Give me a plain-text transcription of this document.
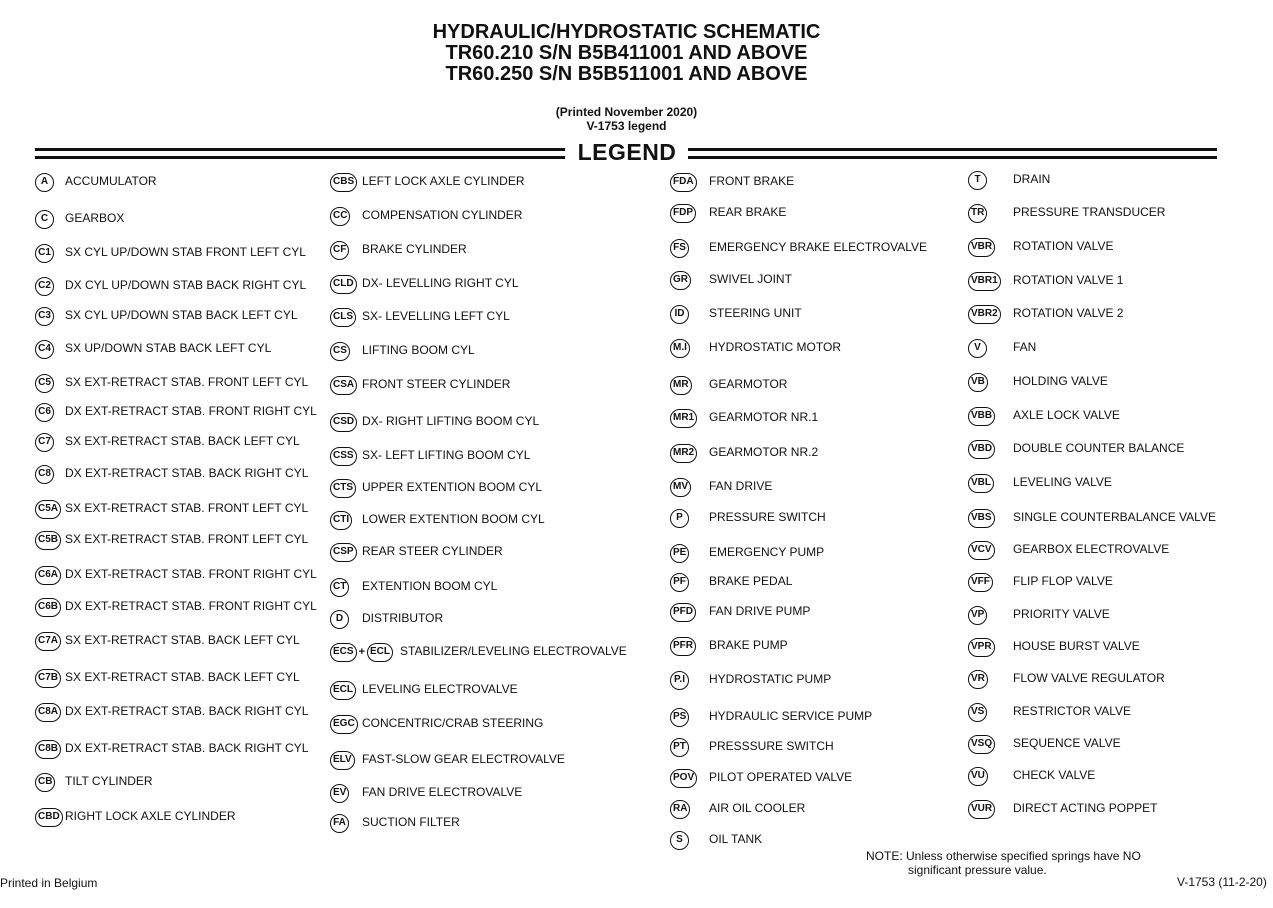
HYDRAULIC/HYDROSTATIC SCHEMATIC
TR60.210 S/N B5B411001 AND ABOVE
TR60.250 S/N B5B511001 AND ABOVE
(Printed November 2020)
V-1753 legend
LEGEND
A	ACCUMULATOR
C	GEARBOX
C1 SX CYL UP/DOWN STAB FRONT LEFT CYL
C2 DX CYL UP/DOWN STAB BACK RIGHT CYL
C3 SX CYL UP/DOWN STAB BACK LEFT CYL
C4 SX UP/DOWN STAB BACK LEFT CYL
C5 SX EXT-RETRACT STAB. FRONT LEFT CYL
C6 DX EXT-RETRACT STAB. FRONT RIGHT CYL
C7 SX EXT-RETRACT STAB. BACK LEFT CYL
C8 DX EXT-RETRACT STAB. BACK RIGHT CYL
C5A SX EXT-RETRACT STAB. FRONT LEFT CYL
C5B SX EXT-RETRACT STAB. FRONT LEFT CYL
C6A DX EXT-RETRACT STAB. FRONT RIGHT CYL
C6B DX EXT-RETRACT STAB. FRONT RIGHT CYL
C7A SX EXT-RETRACT STAB. BACK LEFT CYL
C7B SX EXT-RETRACT STAB. BACK LEFT CYL
C8A DX EXT-RETRACT STAB. BACK RIGHT CYL
C8B DX EXT-RETRACT STAB. BACK RIGHT CYL
CB TILT CYLINDER
CBD RIGHT LOCK AXLE CYLINDER
CBS LEFT LOCK AXLE CYLINDER
CC COMPENSATION CYLINDER
CF BRAKE CYLINDER
CLD DX- LEVELLING RIGHT CYL
CLS SX- LEVELLING LEFT CYL
CS LIFTING BOOM CYL
CSA FRONT STEER CYLINDER
CSD DX- RIGHT LIFTING BOOM CYL
CSS SX- LEFT LIFTING BOOM CYL
CTS UPPER EXTENTION BOOM CYL
CTI LOWER EXTENTION BOOM CYL
CSP REAR STEER CYLINDER
CT EXTENTION BOOM CYL
D	DISTRIBUTOR
ECS + ECL STABILIZER/LEVELING ELECTROVALVE
ECL LEVELING ELECTROVALVE
EGC CONCENTRIC/CRAB STEERING
ELV FAST-SLOW GEAR ELECTROVALVE
EV FAN DRIVE ELECTROVALVE
FA SUCTION FILTER
FDA FRONT BRAKE
FDP REAR BRAKE
FS EMERGENCY BRAKE ELECTROVALVE
GR SWIVEL JOINT
ID	STEERING UNIT
M.I HYDROSTATIC MOTOR
MR GEARMOTOR
MR1 GEARMOTOR NR.1
MR2 GEARMOTOR NR.2
MV FAN DRIVE
P	PRESSURE SWITCH
PE EMERGENCY PUMP
PF BRAKE PEDAL
PFD FAN DRIVE PUMP
PFR BRAKE PUMP
P.I	HYDROSTATIC PUMP
PS HYDRAULIC SERVICE PUMP
PT PRESSSURE SWITCH
POV PILOT OPERATED VALVE
RA AIR OIL COOLER
S	OIL TANK
T	DRAIN
TR PRESSURE TRANSDUCER
VBR ROTATION VALVE
VBR1 ROTATION VALVE 1
VBR2 ROTATION VALVE 2
V	FAN
VB HOLDING VALVE
VBB AXLE LOCK VALVE
VBD DOUBLE COUNTER BALANCE
VBL LEVELING VALVE
VBS SINGLE COUNTERBALANCE VALVE
VCV GEARBOX ELECTROVALVE
VFF FLIP FLOP VALVE
VP PRIORITY VALVE
VPR HOUSE BURST VALVE
VR FLOW VALVE REGULATOR
VS RESTRICTOR VALVE
VSQ SEQUENCE VALVE
VU CHECK VALVE
VUR DIRECT ACTING POPPET
NOTE: Unless otherwise specified springs have NO
significant pressure value.
Printed in Belgium	V-1753 (11-2-20)
